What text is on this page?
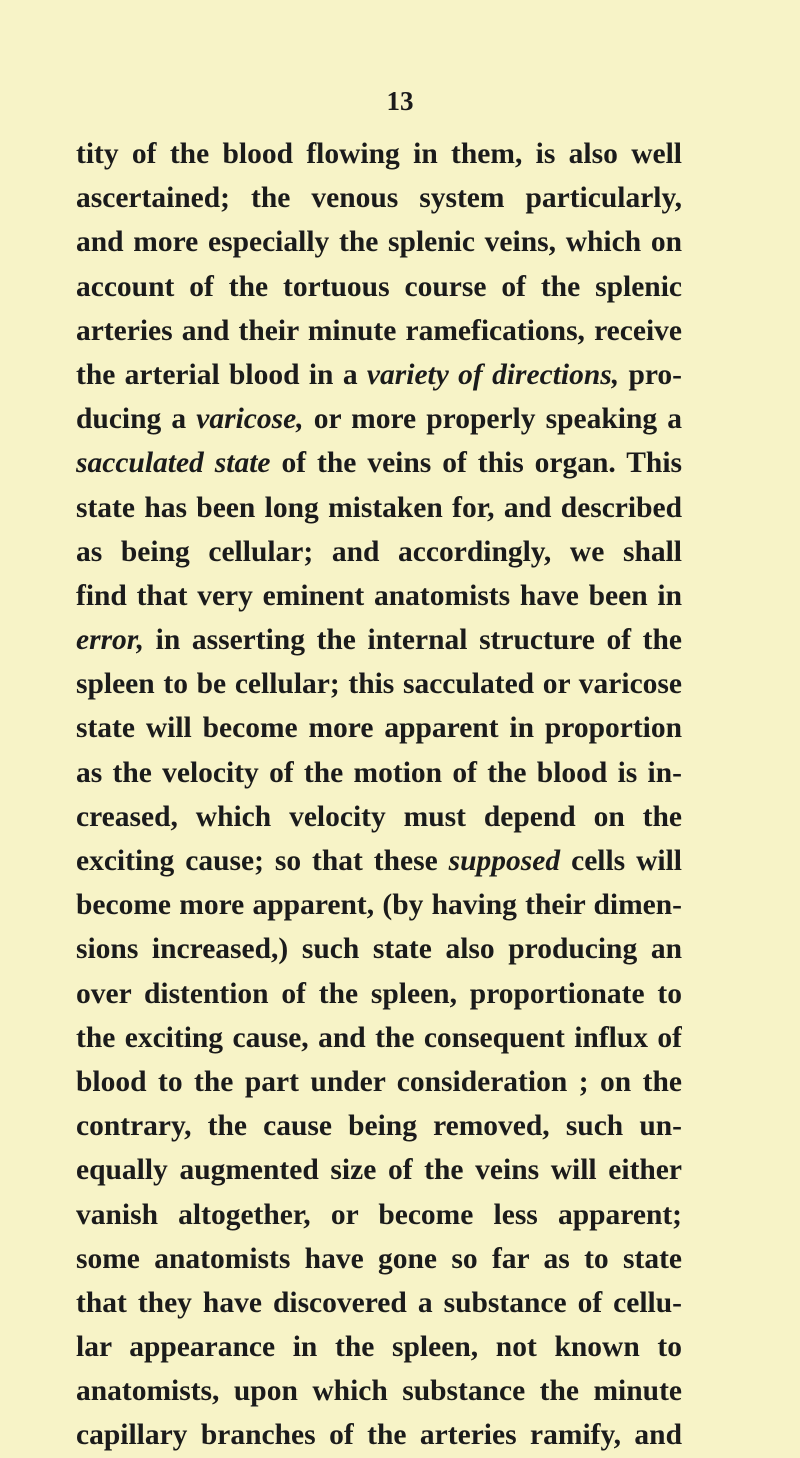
13
tity of the blood flowing in them, is also well
ascertained; the venous system particularly,
and more especially the splenic veins, which on
account of the tortuous course of the splenic
arteries and their minute ramefications, receive
the arterial blood in a variety of directions, pro-
ducing a varicose, or more properly speaking a
sacculated state of the veins of this organ. This
state has been long mistaken for, and described
as being cellular; and accordingly, we shall
find that very eminent anatomists have been in
error, in asserting the internal structure of the
spleen to be cellular; this sacculated or varicose
state will become more apparent in proportion
as the velocity of the motion of the blood is in-
creased, which velocity must depend on the
exciting cause; so that these supposed cells will
become more apparent, (by having their dimen-
sions increased,) such state also producing an
over distention of the spleen, proportionate to
the exciting cause, and the consequent influx of
blood to the part under consideration ; on the
contrary, the cause being removed, such un-
equally augmented size of the veins will either
vanish altogether, or become less apparent;
some anatomists have gone so far as to state
that they have discovered a substance of cellu-
lar appearance in the spleen, not known to
anatomists, upon which substance the minute
capillary branches of the arteries ramify, and
